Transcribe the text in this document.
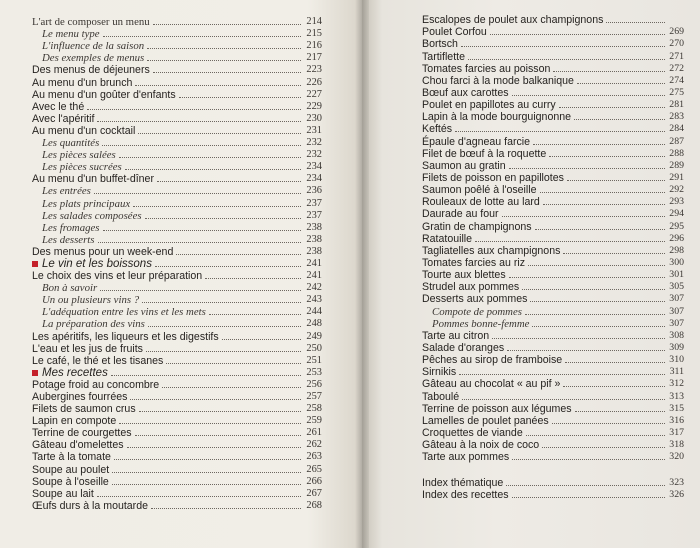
L'art de composer un menu	214
Le menu type	215
L'influence de la saison	216
Des exemples de menus	217
Des menus de déjeuners	223
Au menu d'un brunch	226
Au menu d'un goûter d'enfants	227
Avec le thé	229
Avec l'apéritif	230
Au menu d'un cocktail	231
Les quantités	232
Les pièces salées	232
Les pièces sucrées	234
Au menu d'un buffet-dîner	234
Les entrées	236
Les plats principaux	237
Les salades composées	237
Les fromages	238
Les desserts	238
Des menus pour un week-end	238
Le vin et les boissons	241
Le choix des vins et leur préparation	241
Bon à savoir	242
Un ou plusieurs vins ?	243
L'adéquation entre les vins et les mets	244
La préparation des vins	248
Les apéritifs, les liqueurs et les digestifs	249
L'eau et les jus de fruits	250
Le café, le thé et les tisanes	251
Mes recettes	253
Potage froid au concombre	256
Aubergines fourrées	257
Filets de saumon crus	258
Lapin en compote	259
Terrine de courgettes	261
Gâteau d'omelettes	262
Tarte à la tomate	263
Soupe au poulet	265
Soupe à l'oseille	266
Soupe au lait	267
Œufs durs à la moutarde	268
Escalopes de poulet aux champignons
Poulet Corfou	269
Bortsch	270
Tartiflette	271
Tomates farcies au poisson	272
Chou farci à la mode balkanique	274
Bœuf aux carottes	275
Poulet en papillotes au curry	281
Lapin à la mode bourguignonne	283
Keftés	284
Épaule d'agneau farcie	287
Filet de bœuf à la roquette	288
Saumon au gratin	289
Filets de poisson en papillotes	291
Saumon poêlé à l'oseille	292
Rouleaux de lotte au lard	293
Daurade au four	294
Gratin de champignons	295
Ratatouille	296
Tagliatelles aux champignons	298
Tomates farcies au riz	300
Tourte aux blettes	301
Strudel aux pommes	305
Desserts aux pommes	307
Compote de pommes	307
Pommes bonne-femme	307
Tarte au citron	308
Salade d'oranges	309
Pêches au sirop de framboise	310
Sirnikis	311
Gâteau au chocolat « au pif »	312
Taboulé	313
Terrine de poisson aux légumes	315
Lamelles de poulet panées	316
Croquettes de viande	317
Gâteau à la noix de coco	318
Tarte aux pommes	320
Index thématique	323
Index des recettes	326
